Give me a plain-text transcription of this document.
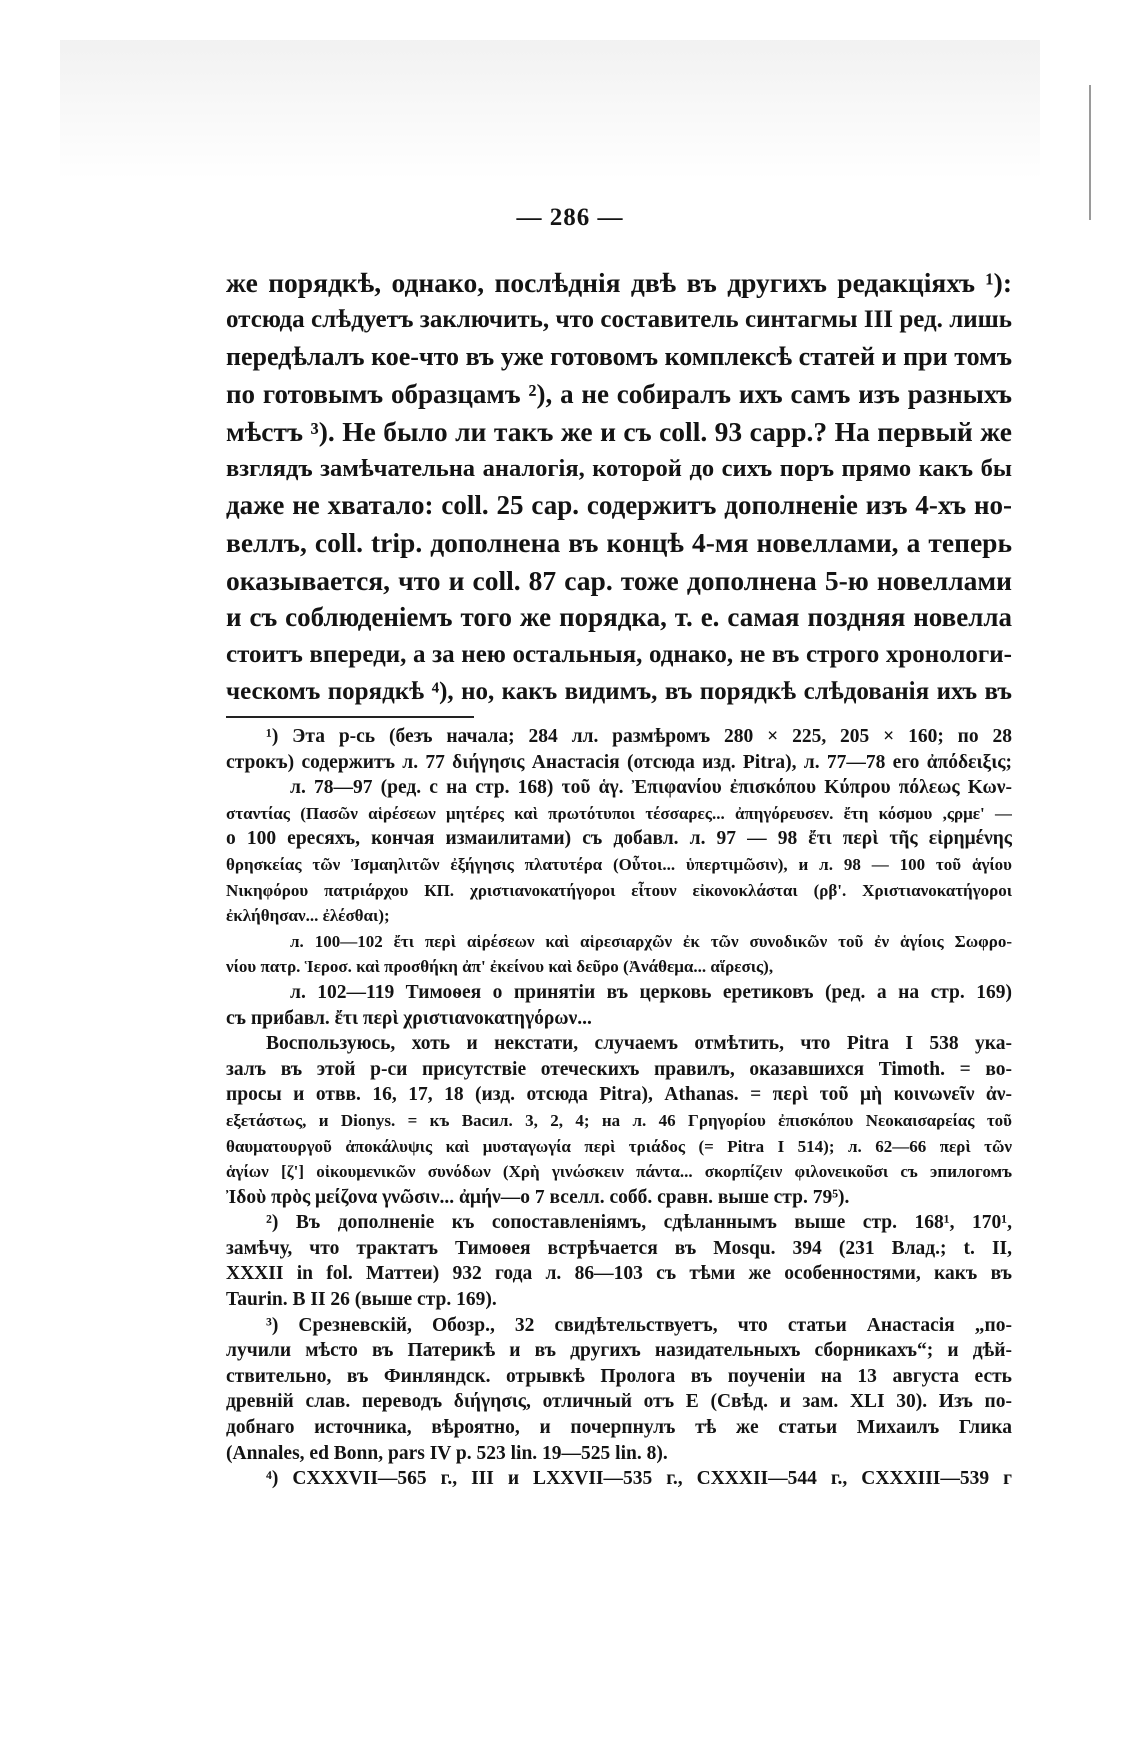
— 286 —
же порядкѣ, однако, послѣднія двѣ въ другихъ редакціяхъ ¹):
отсюда слѣдуетъ заключить, что составитель синтагмы III ред. лишь
передѣлалъ кое-что въ уже готовомъ комплексѣ статей и при томъ
по готовымъ образцамъ ²), а не собиралъ ихъ самъ изъ разныхъ
мѣстъ ³). Не было ли такъ же и съ coll. 93 сарр.? На первый же
взглядъ замѣчательна аналогія, которой до сихъ поръ прямо какъ бы
даже не хватало: coll. 25 сар. содержитъ дополненіе изъ 4-хъ но-
веллъ, coll. trip. дополнена въ концѣ 4-мя новеллами, а теперь
оказывается, что и coll. 87 сар. тоже дополнена 5-ю новеллами
и съ соблюденіемъ того же порядка, т. е. самая поздняя новелла
стоитъ впереди, а за нею остальныя, однако, не въ строго хронологи-
ческомъ порядкѣ ⁴), но, какъ видимъ, въ порядкѣ слѣдованія ихъ въ
¹) Эта р-сь (безъ начала; 284 лл. размѣромъ 280 × 225, 205 × 160; по 28
строкъ) содержитъ л. 77 διήγησις Анастасія (отсюда изд. Pitra), л. 77—78 его ἀπόδειξις;
л. 78—97 (ред. с на стр. 168) τοῦ ἁγ. Ἐπιφανίου ἐπισκόπου Κύπρου πόλεως Κων-
σταντίας (Πασῶν αἱρέσεων μητέρες καὶ πρωτότυποι τέσσαρες... ἀπηγόρευσεν. ἔτη κόσμου ,ςρμε' —
о 100 ересяхъ, кончая измаилитами) съ добавл. л. 97 — 98 ἔτι περὶ τῆς εἰρημένης
θρησκείας τῶν Ἰσμαηλιτῶν ἐξήγησις πλατυτέρα (Οὗτοι... ὑπερτιμῶσιν), и л. 98 — 100 τοῦ ἁγίου
Νικηφόρου πατριάρχου КП. χριστιανοκατήγοροι εἶτουν εἰκονοκλάσται (ρβ'. Χριστιανοκατήγοροι
ἐκλήθησαν... ἐλέσθαι);
л. 100—102 ἔτι περὶ αἱρέσεων καὶ αἱρεσιαρχῶν ἐκ τῶν συνοδικῶν τοῦ ἐν ἁγίοις Σωφρο-
νίου πατρ. Ἱεροσ. καὶ προσθήκη ἀπ' ἐκείνου καὶ δεῦρο (Ἀνάθεμα... αἵρεσις),
л. 102—119 Тимоѳея о принятіи въ церковь еретиковъ (ред. а на стр. 169)
съ прибавл. ἔτι περὶ χριστιανοκατηγόρων...
Воспользуюсь, хоть и некстати, случаемъ отмѣтить, что Pitra I 538 ука-
залъ въ этой р-си присутствіе отеческихъ правилъ, оказавшихся Timoth. = во-
просы и отвв. 16, 17, 18 (изд. отсюда Pitra), Athanas. = περὶ τοῦ μὴ κοινωνεῖν ἀν-
εξετάστως, и Dionys. = къ Васил. 3, 2, 4; на л. 46 Γρηγορίου ἐπισκόπου Νεοκαισαρείας τοῦ
θαυματουργοῦ ἀποκάλυψις καὶ μυσταγωγία περὶ τριάδος (= Pitra I 514); л. 62—66 περὶ τῶν
ἁγίων [ζ'] οἰκουμενικῶν συνόδων (Χρὴ γινώσκειν πάντα... σκορπίζειν φιλονεικοῦσι съ эпилогомъ
Ἰδοὺ πρὸς μείζονα γνῶσιν... ἀμήν—о 7 вселл. cобб. сравн. выше стр. 79⁵).
²) Въ дополненіе къ сопоставленіямъ, сдѣланнымъ выше стр. 168¹, 170¹,
замѣчу, что трактатъ Тимоѳея встрѣчается въ Mosqu. 394 (231 Влад.; t. II,
XXXII in fol. Маттеи) 932 года л. 86—103 съ тѣми же особенностями, какъ въ
Taurin. B II 26 (выше стр. 169).
³) Срезневскій, Обозр., 32 свидѣтельствуетъ, что статьи Анастасія „по-
лучили мѣсто въ Патерикѣ и въ другихъ назидательныхъ сборникахъ“; и дѣй-
ствительно, въ Финляндск. отрывкѣ Пролога въ поученіи на 13 августа есть
древній слав. переводъ διήγησις, отличный отъ Е (Свѣд. и зам. XLI 30). Изъ по-
добнаго источника, вѣроятно, и почерпнулъ тѣ же статьи Михаилъ Глика
(Annales, ed Bonn, pars IV p. 523 lin. 19—525 lin. 8).
⁴) CXXXVII—565 г., III и LXXVII—535 г., CXXXII—544 г., CXXXIII—539 г
